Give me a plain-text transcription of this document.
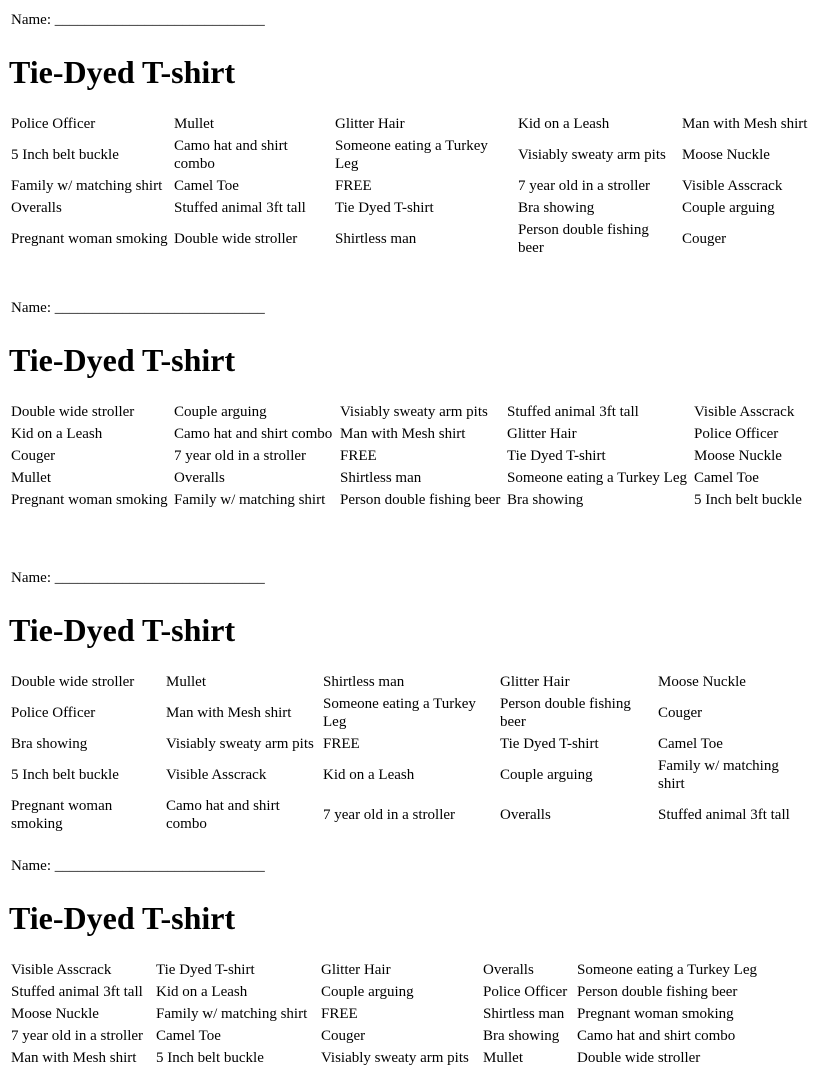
Name: ____________________________
Tie-Dyed T-shirt
Police Officer	Mullet	Glitter Hair	Kid on a Leash	Man with Mesh shirt
5 Inch belt buckle	Camo hat and shirt combo	Someone eating a Turkey Leg	Visiably sweaty arm pits	Moose Nuckle
Family w/ matching shirt	Camel Toe	FREE	7 year old in a stroller	Visible Asscrack
Overalls	Stuffed animal 3ft tall	Tie Dyed T-shirt	Bra showing	Couple arguing
Pregnant woman smoking	Double wide stroller	Shirtless man	Person double fishing beer	Couger
Name: ____________________________
Tie-Dyed T-shirt
Double wide stroller	Couple arguing	Visiably sweaty arm pits	Stuffed animal 3ft tall	Visible Asscrack
Kid on a Leash	Camo hat and shirt combo	Man with Mesh shirt	Glitter Hair	Police Officer
Couger	7 year old in a stroller	FREE	Tie Dyed T-shirt	Moose Nuckle
Mullet	Overalls	Shirtless man	Someone eating a Turkey Leg	Camel Toe
Pregnant woman smoking	Family w/ matching shirt	Person double fishing beer	Bra showing	5 Inch belt buckle
Name: ____________________________
Tie-Dyed T-shirt
Double wide stroller	Mullet	Shirtless man	Glitter Hair	Moose Nuckle
Police Officer	Man with Mesh shirt	Someone eating a Turkey Leg	Person double fishing beer	Couger
Bra showing	Visiably sweaty arm pits	FREE	Tie Dyed T-shirt	Camel Toe
5 Inch belt buckle	Visible Asscrack	Kid on a Leash	Couple arguing	Family w/ matching shirt
Pregnant woman smoking	Camo hat and shirt combo	7 year old in a stroller	Overalls	Stuffed animal 3ft tall
Name: ____________________________
Tie-Dyed T-shirt
Visible Asscrack	Tie Dyed T-shirt	Glitter Hair	Overalls	Someone eating a Turkey Leg
Stuffed animal 3ft tall	Kid on a Leash	Couple arguing	Police Officer	Person double fishing beer
Moose Nuckle	Family w/ matching shirt	FREE	Shirtless man	Pregnant woman smoking
7 year old in a stroller	Camel Toe	Couger	Bra showing	Camo hat and shirt combo
Man with Mesh shirt	5 Inch belt buckle	Visiably sweaty arm pits	Mullet	Double wide stroller
